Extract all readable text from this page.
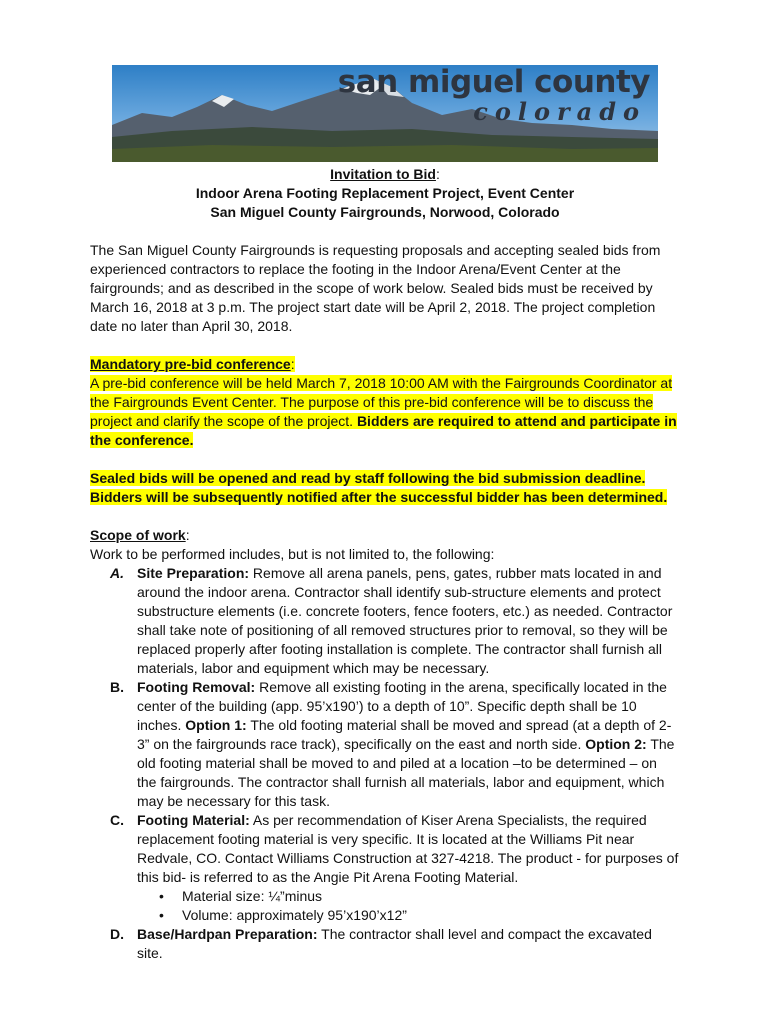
san miguel county
colorado

Invitation to Bid:

Indoor Arena Footing Replacement Project, Event Center

San Miguel County Fairgrounds, Norwood, Colorado

The San Miguel County Fairgrounds is requesting proposals and accepting sealed bids from experienced contractors to replace the footing in the Indoor Arena/Event Center at the fairgrounds; and as described in the scope of work below. Sealed bids must be received by March 16, 2018 at 3 p.m. The project start date will be April 2, 2018. The project completion date no later than April 30, 2018.

Mandatory pre-bid conference:

A pre-bid conference will be held March 7, 2018 10:00 AM with the Fairgrounds Coordinator at the Fairgrounds Event Center. The purpose of this pre-bid conference will be to discuss the project and clarify the scope of the project. Bidders are required to attend and participate in the conference.

Sealed bids will be opened and read by staff following the bid submission deadline. Bidders will be subsequently notified after the successful bidder has been determined.

Scope of work:

Work to be performed includes, but is not limited to, the following:

A. Site Preparation: Remove all arena panels, pens, gates, rubber mats located in and around the indoor arena. Contractor shall identify sub-structure elements and protect substructure elements (i.e. concrete footers, fence footers, etc.) as needed. Contractor shall take note of positioning of all removed structures prior to removal, so they will be replaced properly after footing installation is complete. The contractor shall furnish all materials, labor and equipment which may be necessary.
B. Footing Removal: Remove all existing footing in the arena, specifically located in the center of the building (app. 95’x190’) to a depth of 10”. Specific depth shall be 10 inches. Option 1: The old footing material shall be moved and spread (at a depth of 2-3” on the fairgrounds race track), specifically on the east and north side. Option 2: The old footing material shall be moved to and piled at a location –to be determined – on the fairgrounds. The contractor shall furnish all materials, labor and equipment, which may be necessary for this task.
C. Footing Material: As per recommendation of Kiser Arena Specialists, the required replacement footing material is very specific. It is located at the Williams Pit near Redvale, CO. Contact Williams Construction at 327-4218. The product - for purposes of this bid- is referred to as the Angie Pit Arena Footing Material.
• Material size: ¼”minus
• Volume: approximately 95’x190’x12”
D. Base/Hardpan Preparation: The contractor shall level and compact the excavated site.
